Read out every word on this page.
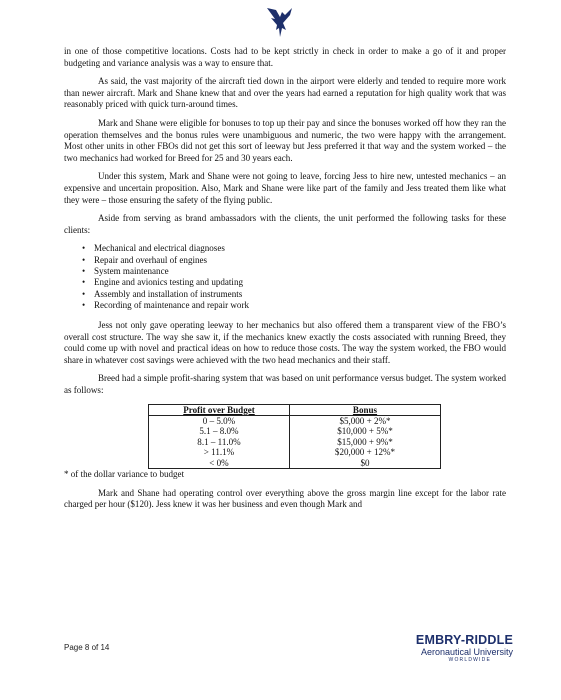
in one of those competitive locations. Costs had to be kept strictly in check in order to make a go of it and proper budgeting and variance analysis was a way to ensure that.

As said, the vast majority of the aircraft tied down in the airport were elderly and tended to require more work than newer aircraft. Mark and Shane knew that and over the years had earned a reputation for high quality work that was reasonably priced with quick turn-around times.

Mark and Shane were eligible for bonuses to top up their pay and since the bonuses worked off how they ran the operation themselves and the bonus rules were unambiguous and numeric, the two were happy with the arrangement. Most other units in other FBOs did not get this sort of leeway but Jess preferred it that way and the system worked – the two mechanics had worked for Breed for 25 and 30 years each.

Under this system, Mark and Shane were not going to leave, forcing Jess to hire new, untested mechanics – an expensive and uncertain proposition. Also, Mark and Shane were like part of the family and Jess treated them like what they were – those ensuring the safety of the flying public.

Aside from serving as brand ambassadors with the clients, the unit performed the following tasks for these clients:

• Mechanical and electrical diagnoses
• Repair and overhaul of engines
• System maintenance
• Engine and avionics testing and updating
• Assembly and installation of instruments
• Recording of maintenance and repair work

Jess not only gave operating leeway to her mechanics but also offered them a transparent view of the FBO’s overall cost structure. The way she saw it, if the mechanics knew exactly the costs associated with running Breed, they could come up with novel and practical ideas on how to reduce those costs. The way the system worked, the FBO would share in whatever cost savings were achieved with the two head mechanics and their staff.

Breed had a simple profit-sharing system that was based on unit performance versus budget. The system worked as follows:

Profit over Budget	Bonus
0 – 5.0%	$5,000 + 2%*
5.1 – 8.0%	$10,000 + 5%*
8.1 – 11.0%	$15,000 + 9%*
> 11.1%	$20,000 + 12%*
< 0%	$0

* of the dollar variance to budget

Mark and Shane had operating control over everything above the gross margin line except for the labor rate charged per hour ($120). Jess knew it was her business and even though Mark and

Page 8 of 14
EMBRY-RIDDLE
Aeronautical University
WORLDWIDE
